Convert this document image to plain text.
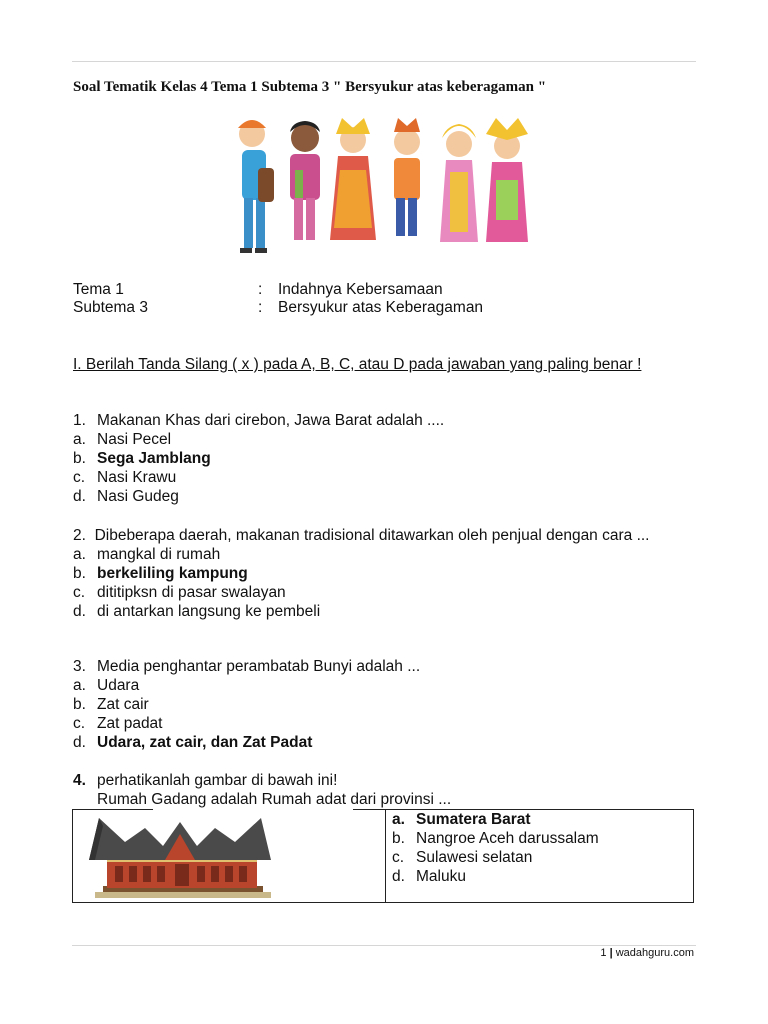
Soal Tematik Kelas 4 Tema 1 Subtema 3 " Bersyukur atas keberagaman "
Tema 1	: Indahnya Kebersamaan
Subtema 3	: Bersyukur atas Keberagaman
I. Berilah Tanda Silang ( x ) pada A, B, C, atau D pada jawaban yang paling benar !
1. Makanan Khas dari cirebon, Jawa Barat adalah ....
a. Nasi Pecel
b. Sega Jamblang
c. Nasi Krawu
d. Nasi Gudeg
2. Dibeberapa daerah, makanan tradisional ditawarkan oleh penjual dengan cara ...
a. mangkal di rumah
b. berkeliling kampung
c. dititipksn di pasar swalayan
d. di antarkan langsung ke pembeli
3. Media penghantar perambatab Bunyi adalah ...
a. Udara
b. Zat cair
c. Zat padat
d. Udara, zat cair, dan Zat Padat
4. perhatikanlah gambar di bawah ini!
Rumah Gadang adalah Rumah adat dari provinsi ...
a. Sumatera Barat
b. Nangroe Aceh darussalam
c. Sulawesi selatan
d. Maluku
1 | wadahguru.com
